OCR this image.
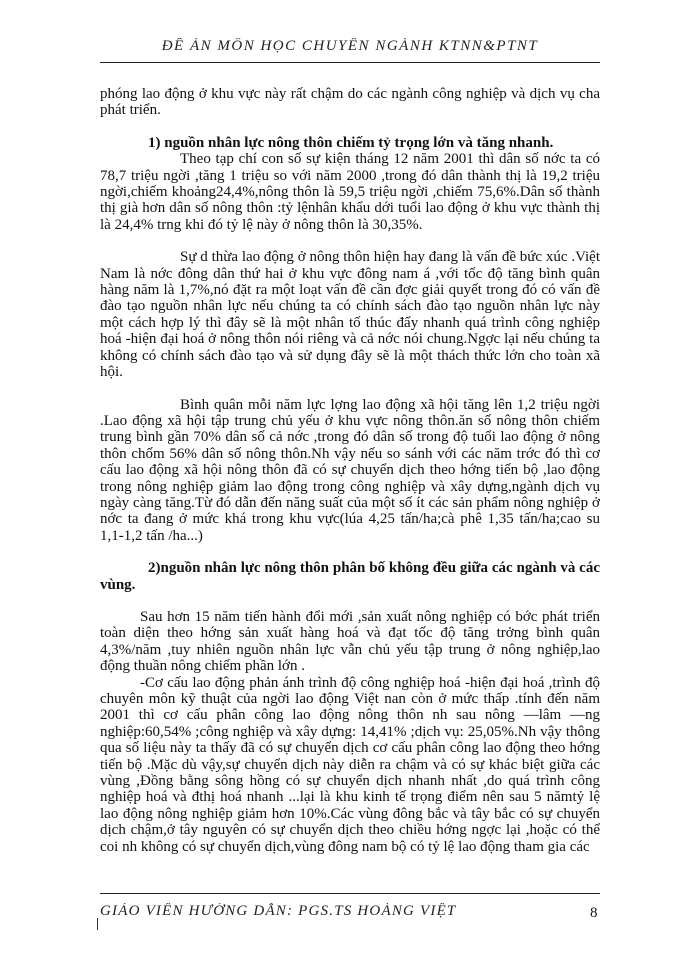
ĐỀ ÁN MÔN HỌC CHUYÊN NGÀNH KTNN&PTNT

phóng lao động ở khu vực này rất chậm do các ngành công nghiệp và dịch vụ cha phát triển.

1) nguồn nhân lực nông thôn chiếm tỷ trọng lớn và tăng nhanh.

Theo tạp chí con số sự kiện tháng 12 năm 2001 thì dân số nớc ta có 78,7 triệu ngời ,tăng 1 triệu so với năm 2000 ,trong đó dân thành thị là 19,2 triệu ngời,chiếm khoảng24,4%,nông thôn là 59,5 triệu ngời ,chiếm 75,6%.Dân số thành thị già hơn dân số nông thôn :tỷ lệnhân khẩu dới tuổi lao động ở khu vực thành thị là 24,4% trng khi đó tỷ lệ này ở nông thôn là 30,35%.

Sự d thừa lao động ở nông thôn hiện hay đang là vấn đề bức xúc .Việt Nam là nớc đông dân thứ hai ở khu vực đông nam á ,với tốc độ tăng bình quân hàng năm là 1,7%,nó đặt ra một loạt vấn đề cần đợc giải quyết trong đó có vấn đề đào tạo nguồn nhân lực nếu chúng ta có chính sách đào tạo nguồn nhân lực này một cách hợp lý thì đây sẽ là một nhân tố thúc đẩy nhanh quá trình công nghiệp hoá -hiện đại hoá ở nông thôn nói riêng và cả nớc nói chung.Ngợc lại nếu chúng ta không có chính sách đào tạo và sử dụng đây sẽ là một thách thức lớn cho toàn xã hội.

Bình quân mỗi năm lực lợng lao động xã hội tăng lên 1,2 triệu ngời .Lao động xã hội tập trung chủ yếu ở khu vực nông thôn.ăn số nông thôn chiếm trung bình gần 70% dân số cả nớc ,trong đó dân số trong độ tuổi lao động ở nông thôn chốm 56% dân số nông thôn.Nh vậy nếu so sánh với các năm trớc đó thì cơ cấu lao động xã hội nông thôn đã có sự chuyển dịch theo hớng tiến bộ ,lao động trong nông nghiệp giảm lao động trong công nghiệp và xây dựng,ngành dịch vụ ngày càng tăng.Từ đó dẫn đến năng suất của một số ít các sản phẩm nông nghiệp ở nớc ta đang ở mức khá trong khu vực(lúa 4,25 tấn/ha;cà phê 1,35 tấn/ha;cao su 1,1-1,2 tấn /ha...)

2)nguồn nhân lực nông thôn phân bố không đều giữa các ngành và các vùng.

Sau hơn 15 năm tiến hành đổi mới ,sản xuất nông nghiệp có bớc phát triển toàn diện theo hớng sản xuất hàng hoá và đạt tốc độ tăng trởng bình quân 4,3%/năm ,tuy nhiên nguồn nhân lực vẫn chủ yếu tập trung ở nông nghiệp,lao động thuần nông chiếm phần lớn .

-Cơ cấu lao động phản ánh trình độ công nghiệp hoá -hiện đại hoá ,trình độ chuyên môn kỹ thuật của ngời lao động Việt nan còn ở mức thấp .tính đến năm 2001 thì cơ cấu phân công lao động nông thôn nh sau nông —lâm —ng nghiệp:60,54% ;công nghiệp và xây dựng: 14,41% ;dịch vụ: 25,05%.Nh vậy thông qua số liệu này ta thấy đã có sự chuyển dịch cơ cấu phân công lao động theo hớng tiến bộ .Mặc dù vậy,sự chuyển dịch này diễn ra chậm và có sự khác biệt giữa các vùng ,Đồng bằng sông hồng có sự chuyển dịch nhanh nhất ,do quá trình công nghiệp hoá và đthị hoá nhanh ...lại là khu kinh tế trọng điểm nên sau 5 nămtỷ lệ lao động nông nghiệp giảm hơn 10%.Các vùng đông bắc và tây bắc có sự chuyển dịch chậm,ở tây nguyên có sự chuyển dịch theo chiều hớng ngợc lại ,hoặc có thể coi nh không có sự chuyển dịch,vùng đông nam bộ có tỷ lệ lao động tham gia các

GIÁO VIÊN HƯỚNG DẪN: PGS.TS HOÀNG VIỆT	8
